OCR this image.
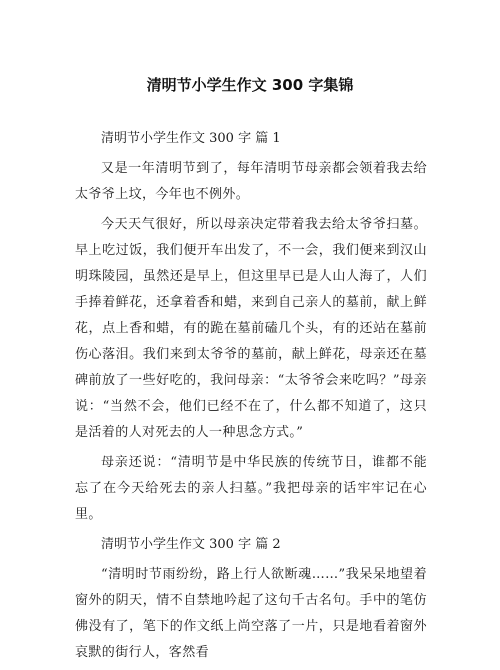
清明节小学生作文 300 字集锦
清明节小学生作文 300 字 篇 1

又是一年清明节到了，每年清明节母亲都会领着我去给太爷爷上坟，今年也不例外。

今天天气很好，所以母亲决定带着我去给太爷爷扫墓。早上吃过饭，我们便开车出发了，不一会，我们便来到汉山明珠陵园，虽然还是早上，但这里早已是人山人海了，人们手捧着鲜花，还拿着香和蜡，来到自己亲人的墓前，献上鲜花，点上香和蜡，有的跪在墓前磕几个头，有的还站在墓前伤心落泪。我们来到太爷爷的墓前，献上鲜花，母亲还在墓碑前放了一些好吃的，我问母亲：“太爷爷会来吃吗？”母亲说：“当然不会，他们已经不在了，什么都不知道了，这只是活着的人对死去的人一种思念方式。”

母亲还说：“清明节是中华民族的传统节日，谁都不能忘了在今天给死去的亲人扫墓。”我把母亲的话牢牢记在心里。

清明节小学生作文 300 字 篇 2

“清明时节雨纷纷，路上行人欲断魂……”我呆呆地望着窗外的阴天，情不自禁地吟起了这句千古名句。手中的笔仿佛没有了，笔下的作文纸上尚空落了一片，只是地看着窗外哀默的街行人，客然看
